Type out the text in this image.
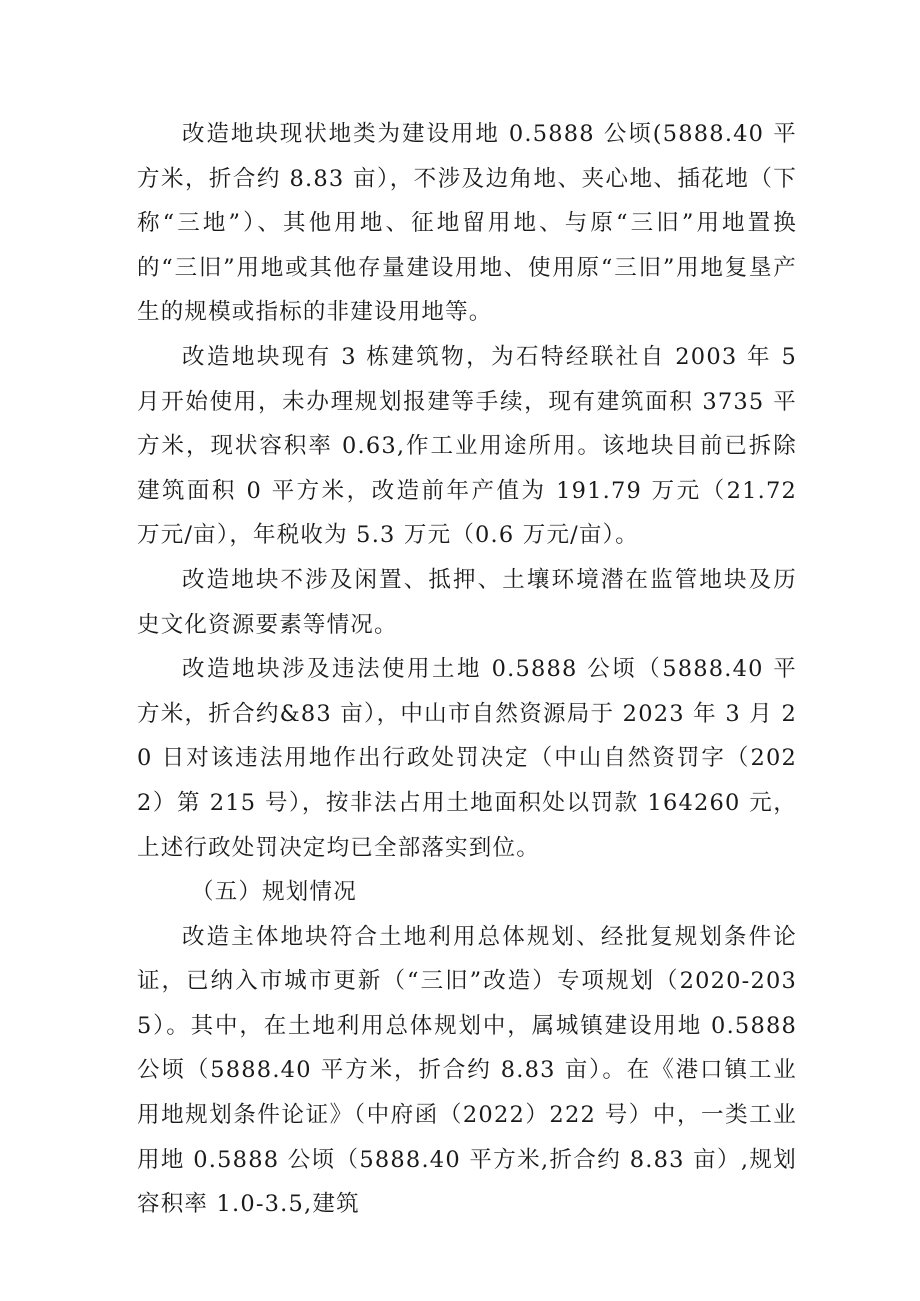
改造地块现状地类为建设用地 0.5888 公顷(5888.40 平方米，折合约 8.83 亩），不涉及边角地、夹心地、插花地（下称“三地”）、其他用地、征地留用地、与原“三旧”用地置换的“三旧”用地或其他存量建设用地、使用原“三旧”用地复垦产生的规模或指标的非建设用地等。

改造地块现有 3 栋建筑物，为石特经联社自 2003 年 5 月开始使用，未办理规划报建等手续，现有建筑面积 3735 平方米，现状容积率 0.63,作工业用途所用。该地块目前已拆除建筑面积 0 平方米，改造前年产值为 191.79 万元（21.72 万元/亩），年税收为 5.3 万元（0.6 万元/亩）。

改造地块不涉及闲置、抵押、土壤环境潜在监管地块及历史文化资源要素等情况。

改造地块涉及违法使用土地 0.5888 公顷（5888.40 平方米，折合约&83 亩），中山市自然资源局于 2023 年 3 月 20 日对该违法用地作出行政处罚决定（中山自然资罚字（2022）第 215 号），按非法占用土地面积处以罚款 164260 元，上述行政处罚决定均已全部落实到位。

（五）规划情况

改造主体地块符合土地利用总体规划、经批复规划条件论证，已纳入市城市更新（“三旧”改造）专项规划（2020-2035）。其中，在土地利用总体规划中，属城镇建设用地 0.5888 公顷（5888.40 平方米，折合约 8.83 亩）。在《港口镇工业用地规划条件论证》（中府函（2022）222 号）中，一类工业用地 0.5888 公顷（5888.40 平方米,折合约 8.83 亩）,规划容积率 1.0-3.5,建筑
